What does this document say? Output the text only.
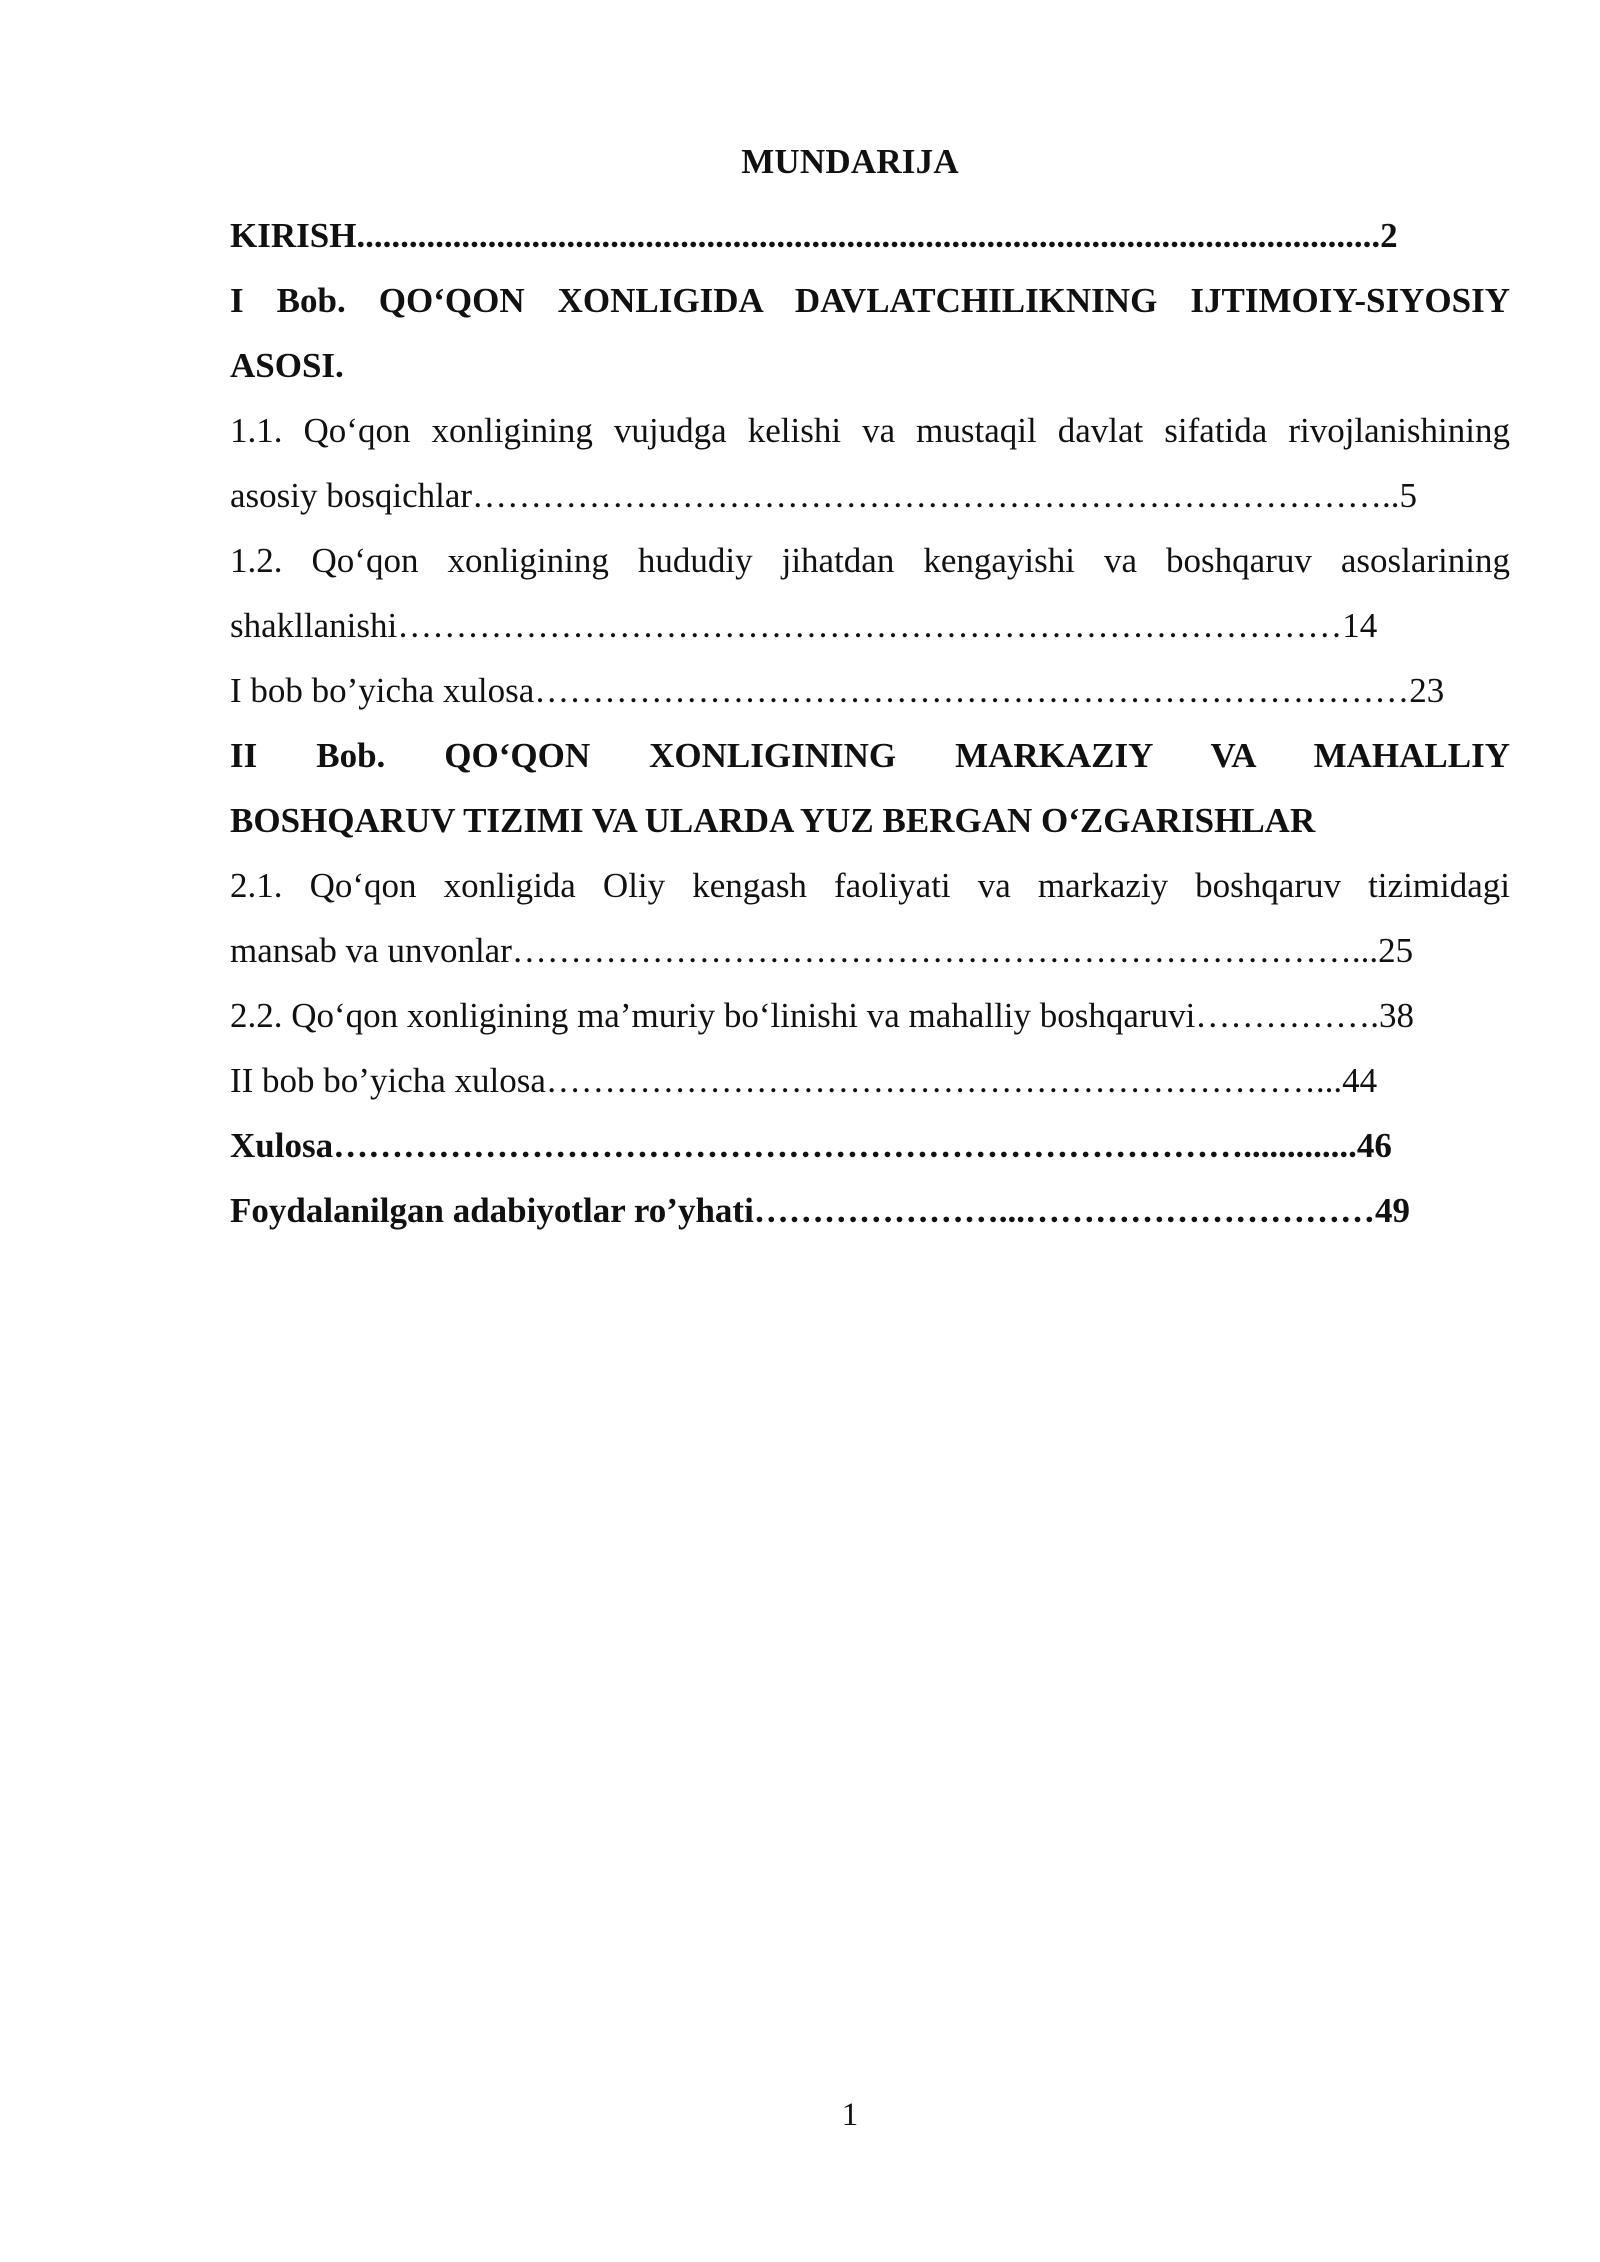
MUNDARIJA
KIRISH.....................................................................................................................2
I Bob. QO‘QON XONLIGIDA DAVLATCHILIKNING IJTIMOIY-SIYOSIY
ASOSI.
1.1. Qo‘qon xonligining vujudga kelishi va mustaqil davlat sifatida rivojlanishining
asosiy bosqichlar……………………………………………………………………..5
1.2. Qo‘qon xonligining hududiy jihatdan kengayishi va boshqaruv asoslarining
shakllanishi………………………………………………………………………14
I bob bo’yicha xulosa…………………………………………………………………23
II Bob. QO‘QON XONLIGINING MARKAZIY VA MAHALLIY
BOSHQARUV TIZIMI VA ULARDA YUZ BERGAN O‘ZGARISHLAR
2.1. Qo‘qon xonligida Oliy kengash faoliyati va markaziy boshqaruv tizimidagi
mansab va unvonlar………………………………………………………………...25
2.2. Qo‘qon xonligining ma’muriy bo‘linishi va mahalliy boshqaruvi…………….38
II bob bo’yicha xulosa…………………………………………………………...44
Xulosa…………………………………………………………………….............46
Foydalanilgan adabiyotlar ro’yhati…………………...…………………………49
1
